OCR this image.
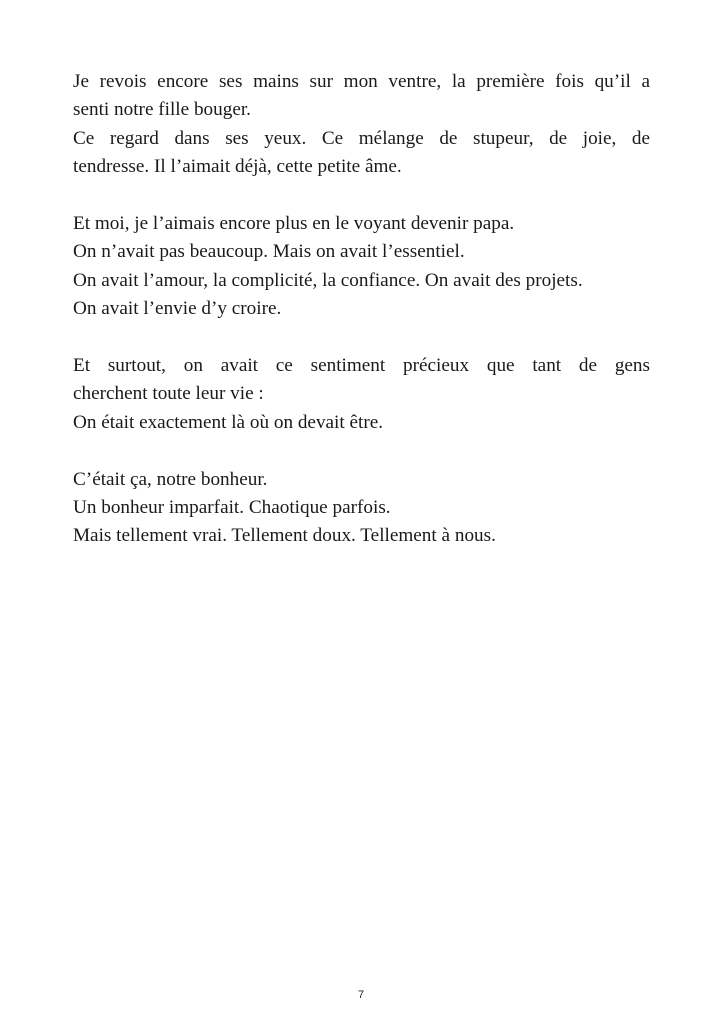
Je revois encore ses mains sur mon ventre, la première fois qu’il a
senti notre fille bouger.
Ce regard dans ses yeux. Ce mélange de stupeur, de joie, de
tendresse. Il l’aimait déjà, cette petite âme.

Et moi, je l’aimais encore plus en le voyant devenir papa.
On n’avait pas beaucoup. Mais on avait l’essentiel.
On avait l’amour, la complicité, la confiance. On avait des projets.
On avait l’envie d’y croire.

Et surtout, on avait ce sentiment précieux que tant de gens
cherchent toute leur vie :
On était exactement là où on devait être.

C’était ça, notre bonheur.
Un bonheur imparfait. Chaotique parfois.
Mais tellement vrai. Tellement doux. Tellement à nous.

7
